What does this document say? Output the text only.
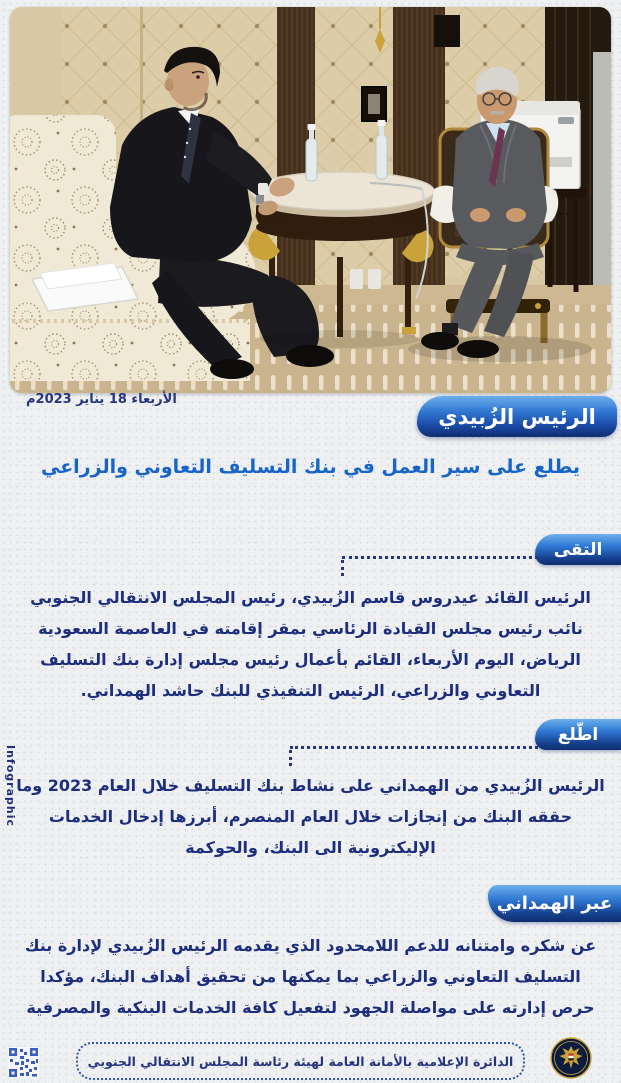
الأربعاء 18 يناير 2023م
الرئيس الزُبيدي
يطلع على سير العمل في بنك التسليف التعاوني والزراعي
التقى

الرئيس القائد عيدروس قاسم الزُبيدي، رئيس المجلس الانتقالي الجنوبي نائب رئيس مجلس القيادة الرئاسي بمقر إقامته في العاصمة السعودية الرياض، اليوم الأربعاء، القائم بأعمال رئيس مجلس إدارة بنك التسليف التعاوني والزراعي، الرئيس التنفيذي للبنك حاشد الهمداني.

اطّلع

الرئيس الزُبيدي من الهمداني على نشاط بنك التسليف خلال العام 2023 وما حققه البنك من إنجازات خلال العام المنصرم، أبرزها إدخال الخدمات الإليكترونية الى البنك، والحوكمة

عبر الهمداني

عن شكره وامتنانه للدعم اللامحدود الذي يقدمه الرئيس الزُبيدي لإدارة بنك التسليف التعاوني والزراعي بما يمكنها من تحقيق أهداف البنك، مؤكدا حرص إدارته على مواصلة الجهود لتفعيل كافة الخدمات البنكية والمصرفية

Infographic
الدائرة الإعلامية بالأمانة العامة لهيئة رئاسة المجلس الانتقالي الجنوبي
